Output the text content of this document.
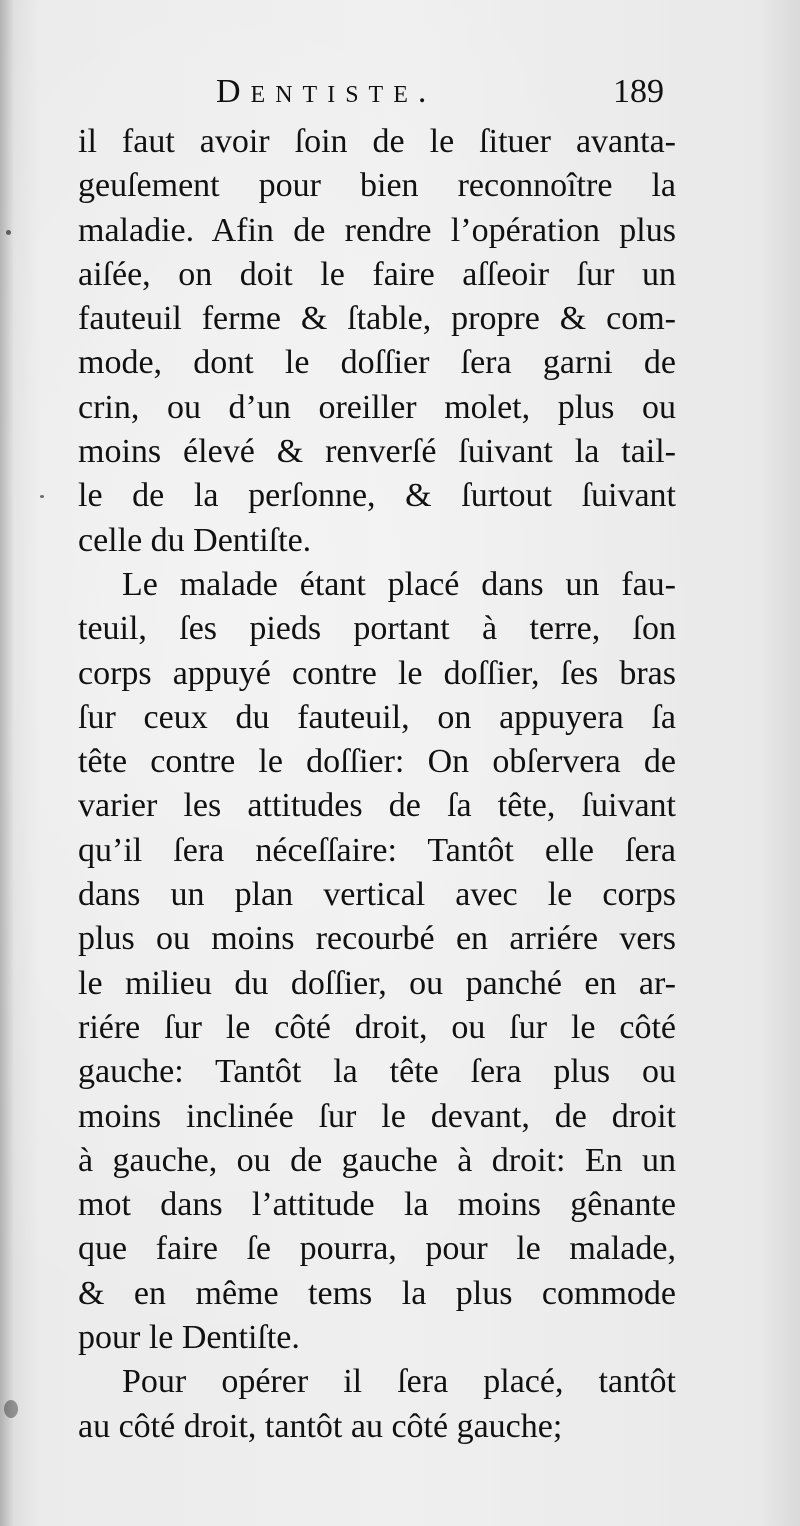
Dentiste.	189

il faut avoir ſoin de le ſituer avanta-
geuſement pour bien reconnoître la
maladie. Afin de rendre l’opération plus
aiſée, on doit le faire aſſeoir ſur un
fauteuil ferme & ſtable, propre & com-
mode, dont le doſſier ſera garni de
crin, ou d’un oreiller molet, plus ou
moins élevé & renverſé ſuivant la tail-
le de la perſonne, & ſurtout ſuivant
celle du Dentiſte.

Le malade étant placé dans un fau-
teuil, ſes pieds portant à terre, ſon
corps appuyé contre le doſſier, ſes bras
ſur ceux du fauteuil, on appuyera ſa
tête contre le doſſier: On obſervera de
varier les attitudes de ſa tête, ſuivant
qu’il ſera néceſſaire: Tantôt elle ſera
dans un plan vertical avec le corps
plus ou moins recourbé en arriére vers
le milieu du doſſier, ou panché en ar-
riére ſur le côté droit, ou ſur le côté
gauche: Tantôt la tête ſera plus ou
moins inclinée ſur le devant, de droit
à gauche, ou de gauche à droit: En un
mot dans l’attitude la moins gênante
que faire ſe pourra, pour le malade,
& en même tems la plus commode
pour le Dentiſte.

Pour opérer il ſera placé, tantôt
au côté droit, tantôt au côté gauche;
